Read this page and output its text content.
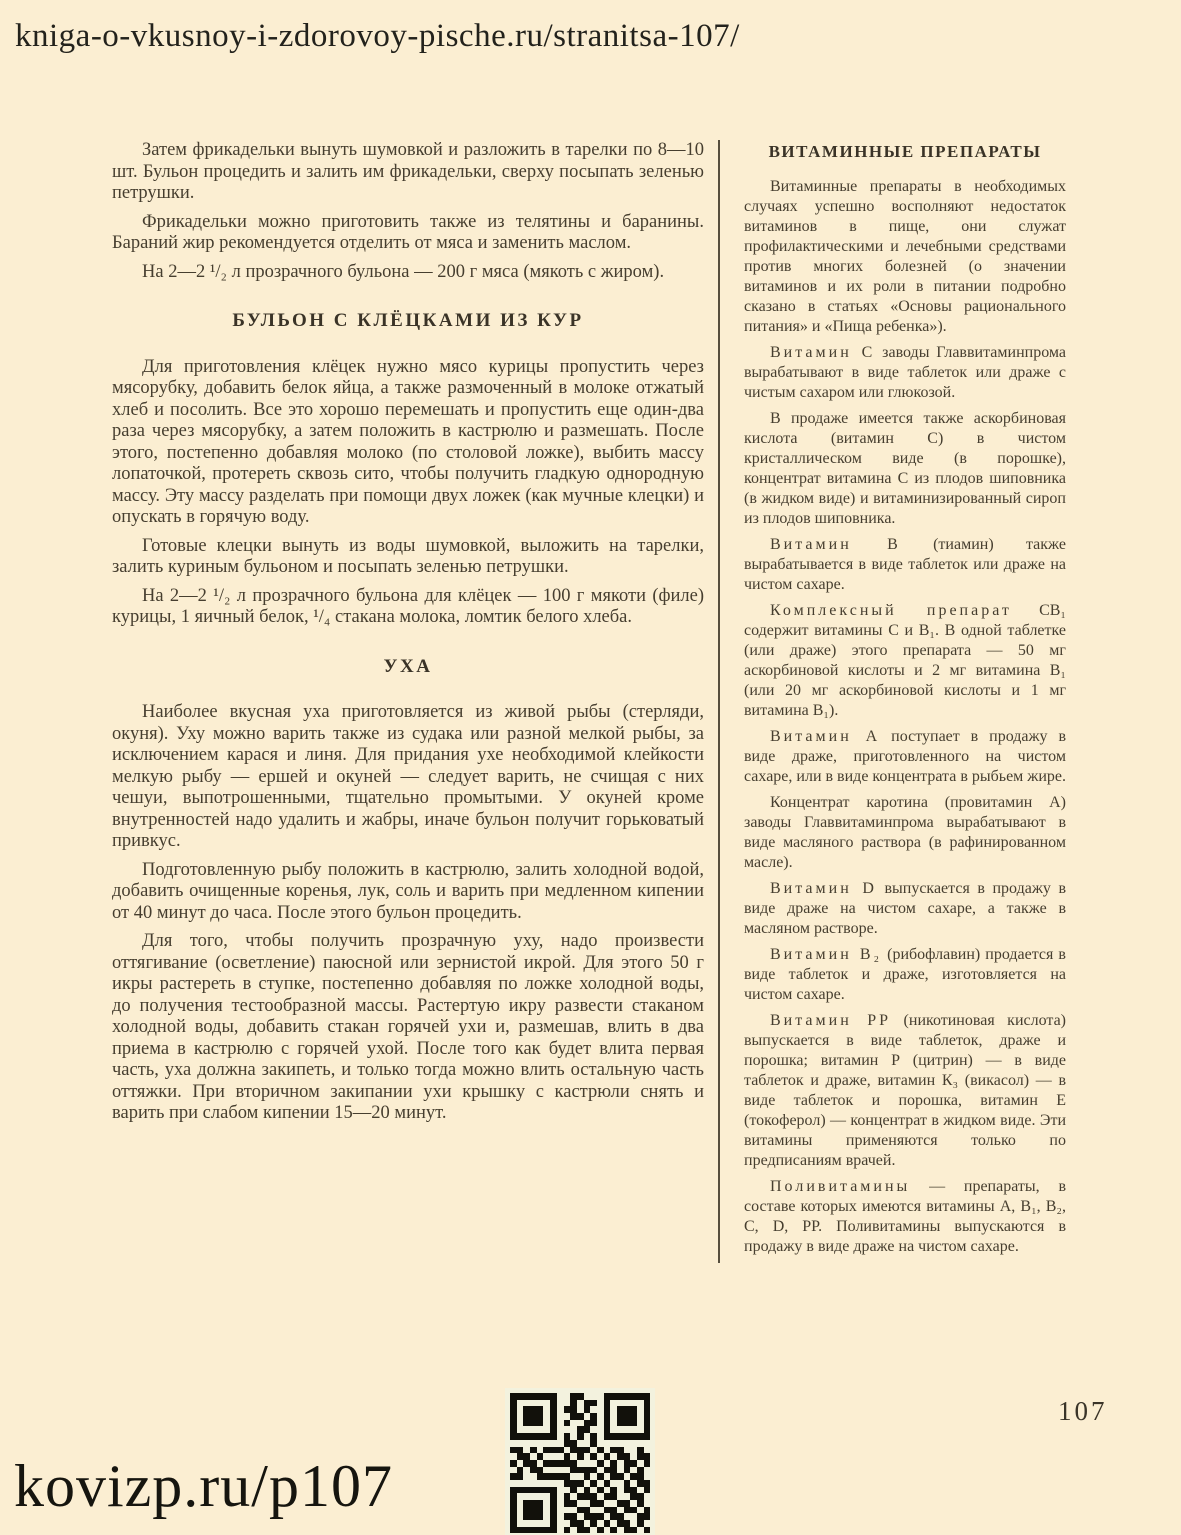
kniga-o-vkusnoy-i-zdorovoy-pische.ru/stranitsa-107/

Затем фрикадельки вынуть шумовкой и разложить в тарелки по 8—10 шт. Бульон процедить и залить им фрикадельки, сверху посыпать зеленью петрушки.

Фрикадельки можно приготовить также из телятины и баранины. Бараний жир рекомендуется отделить от мяса и заменить маслом.

На 2—2 ¹/₂ л прозрачного бульона — 200 г мяса (мякоть с жиром).

БУЛЬОН С КЛЁЦКАМИ ИЗ КУР

Для приготовления клёцек нужно мясо курицы пропустить через мясорубку, добавить белок яйца, а также размоченный в молоке отжатый хлеб и посолить. Все это хорошо перемешать и пропустить еще один-два раза через мясорубку, а затем положить в кастрюлю и размешать. После этого, постепенно добавляя молоко (по столовой ложке), выбить массу лопаточкой, протереть сквозь сито, чтобы получить гладкую однородную массу. Эту массу разделать при помощи двух ложек (как мучные клецки) и опускать в горячую воду.

Готовые клецки вынуть из воды шумовкой, выложить на тарелки, залить куриным бульоном и посыпать зеленью петрушки.

На 2—2 ¹/₂ л прозрачного бульона для клёцек — 100 г мякоти (филе) курицы, 1 яичный белок, ¹/₄ стакана молока, ломтик белого хлеба.

УХА

Наиболее вкусная уха приготовляется из живой рыбы (стерляди, окуня). Уху можно варить также из судака или разной мелкой рыбы, за исключением карася и линя. Для придания ухе необходимой клейкости мелкую рыбу — ершей и окуней — следует варить, не счищая с них чешуи, выпотрошенными, тщательно промытыми. У окуней кроме внутренностей надо удалить и жабры, иначе бульон получит горьковатый привкус.

Подготовленную рыбу положить в кастрюлю, залить холодной водой, добавить очищенные коренья, лук, соль и варить при медленном кипении от 40 минут до часа. После этого бульон процедить.

Для того, чтобы получить прозрачную уху, надо произвести оттягивание (осветление) паюсной или зернистой икрой. Для этого 50 г икры растереть в ступке, постепенно добавляя по ложке холодной воды, до получения тестообразной массы. Растертую икру развести стаканом холодной воды, добавить стакан горячей ухи и, размешав, влить в два приема в кастрюлю с горячей ухой. После того как будет влита первая часть, уха должна закипеть, и только тогда можно влить остальную часть оттяжки. При вторичном закипании ухи крышку с кастрюли снять и варить при слабом кипении 15—20 минут.

ВИТАМИННЫЕ ПРЕПАРАТЫ

Витаминные препараты в необходимых случаях успешно восполняют недостаток витаминов в пище, они служат профилактическими и лечебными средствами против многих болезней (о значении витаминов и их роли в питании подробно сказано в статьях «Основы рационального питания» и «Пища ребенка»).

Витамин С заводы Главвитаминпрома вырабатывают в виде таблеток или драже с чистым сахаром или глюкозой.

В продаже имеется также аскорбиновая кислота (витамин С) в чистом кристаллическом виде (в порошке), концентрат витамина С из плодов шиповника (в жидком виде) и витаминизированный сироп из плодов шиповника.

Витамин В (тиамин) также вырабатывается в виде таблеток или драже на чистом сахаре.

Комплексный препарат СВ₁ содержит витамины С и В₁. В одной таблетке (или драже) этого препарата — 50 мг аскорбиновой кислоты и 2 мг витамина В₁ (или 20 мг аскорбиновой кислоты и 1 мг витамина В₁).

Витамин А поступает в продажу в виде драже, приготовленного на чистом сахаре, или в виде концентрата в рыбьем жире.

Концентрат каротина (провитамин А) заводы Главвитаминпрома вырабатывают в виде масляного раствора (в рафинированном масле).

Витамин D выпускается в продажу в виде драже на чистом сахаре, а также в масляном растворе.

Витамин В₂ (рибофлавин) продается в виде таблеток и драже, изготовляется на чистом сахаре.

Витамин РР (никотиновая кислота) выпускается в виде таблеток, драже и порошка; витамин Р (цитрин) — в виде таблеток и драже, витамин К₃ (викасол) — в виде таблеток и порошка, витамин Е (токоферол) — концентрат в жидком виде. Эти витамины применяются только по предписаниям врачей.

Поливитамины — препараты, в составе которых имеются витамины А, В₁, В₂, С, D, РР. Поливитамины выпускаются в продажу в виде драже на чистом сахаре.

kovizp.ru/p107
107
